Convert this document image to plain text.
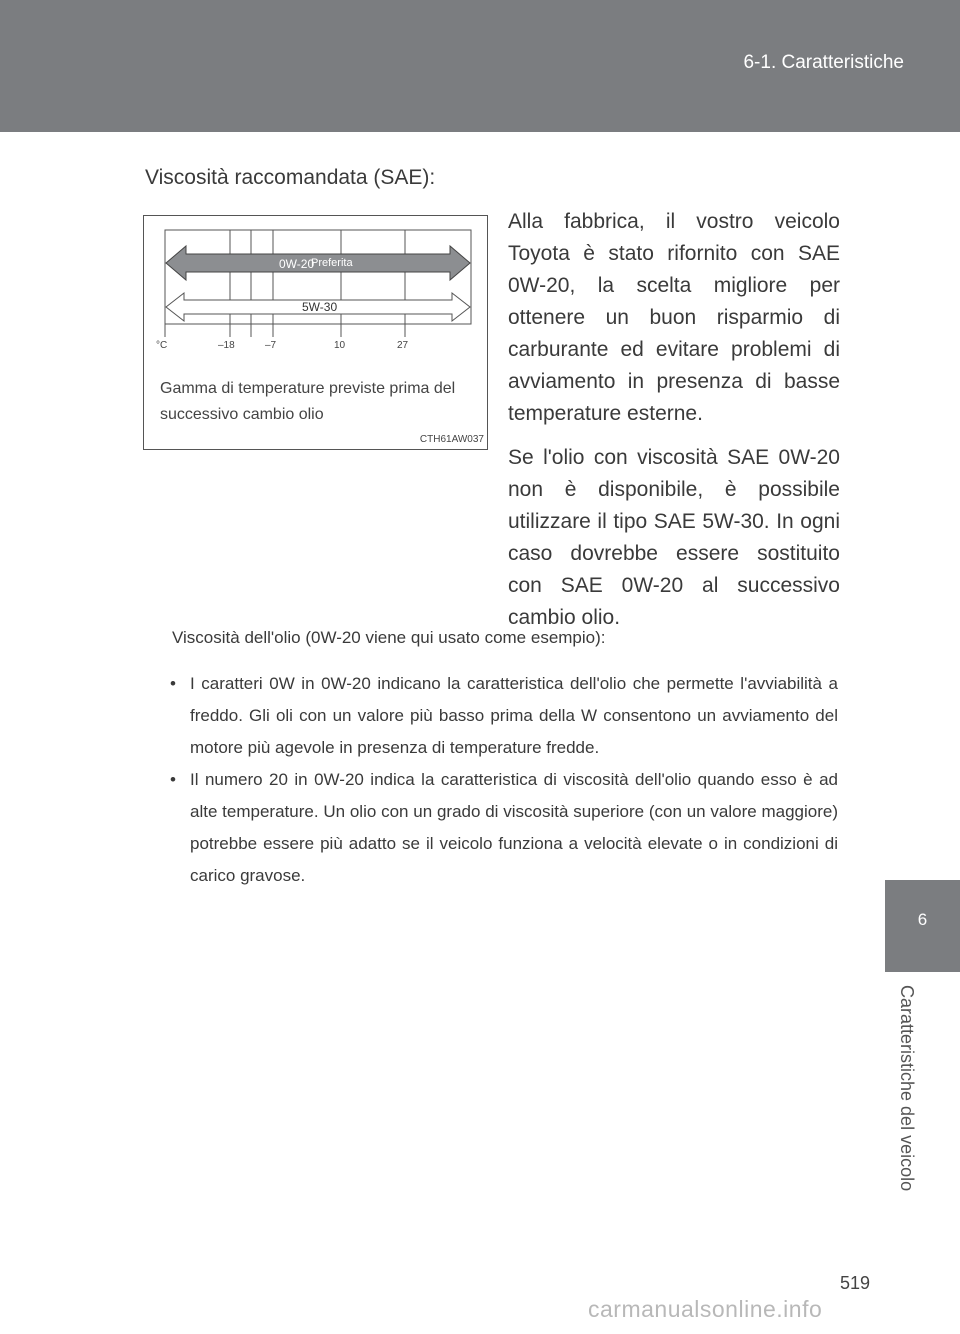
6-1. Caratteristiche
6
Caratteristiche del veicolo
Viscosità raccomandata (SAE):
0W-20
Preferita
5W-30
°C	–18	–7	10	27
Gamma di temperature previste prima del successivo cambio olio
CTH61AW037

Alla fabbrica, il vostro veicolo Toyota è stato rifornito con SAE 0W-20, la scelta migliore per ottenere un buon risparmio di carburante ed evitare problemi di avviamento in presenza di basse temperature esterne.

Se l'olio con viscosità SAE 0W-20 non è disponibile, è possibile utilizzare il tipo SAE 5W-30. In ogni caso dovrebbe essere sostituito con SAE 0W-20 al successivo cambio olio.

Viscosità dell'olio (0W-20 viene qui usato come esempio):
• I caratteri 0W in 0W-20 indicano la caratteristica dell'olio che permette l'avviabilità a freddo. Gli oli con un valore più basso prima della W consentono un avviamento del motore più agevole in presenza di temperature fredde.
• Il numero 20 in 0W-20 indica la caratteristica di viscosità dell'olio quando esso è ad alte temperature. Un olio con un grado di viscosità superiore (con un valore maggiore) potrebbe essere più adatto se il veicolo funziona a velocità elevate o in condizioni di carico gravose.
519
carmanualsonline.info
